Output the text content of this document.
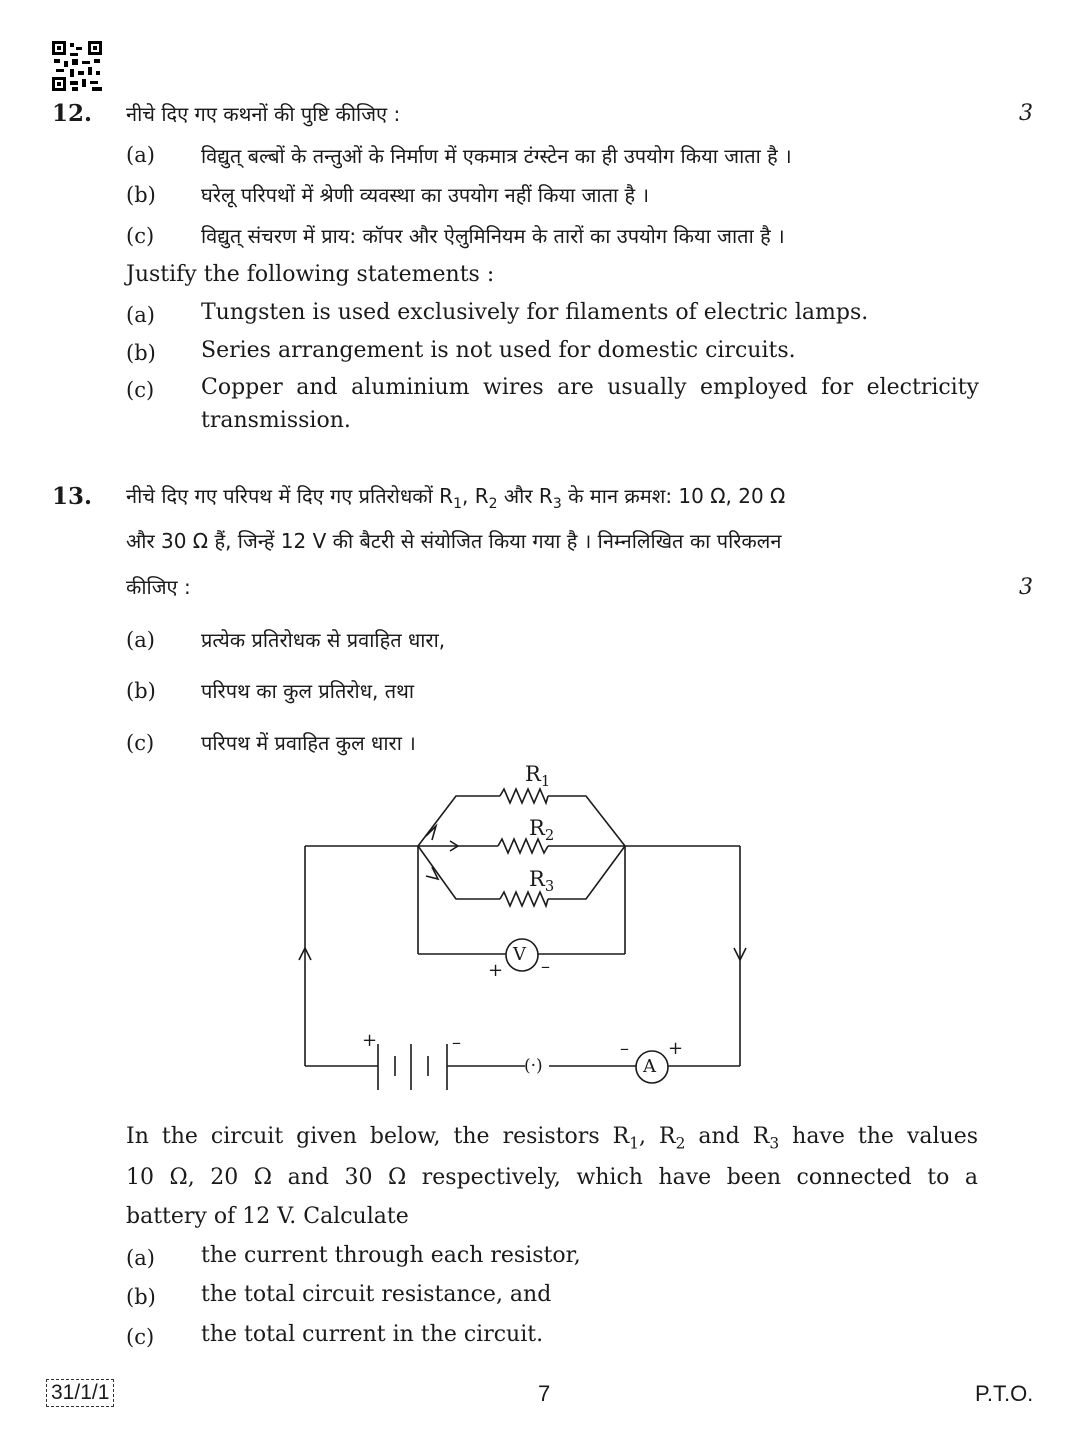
12. नीचे दिए गए कथनों की पुष्टि कीजिए :	3
(a) विद्युत् बल्बों के तन्तुओं के निर्माण में एकमात्र टंग्स्टेन का ही उपयोग किया जाता है ।
(b) घरेलू परिपथों में श्रेणी व्यवस्था का उपयोग नहीं किया जाता है ।
(c) विद्युत् संचरण में प्राय: कॉपर और ऐलुमिनियम के तारों का उपयोग किया जाता है ।
Justify the following statements :
(a) Tungsten is used exclusively for filaments of electric lamps.
(b) Series arrangement is not used for domestic circuits.
(c) Copper and aluminium wires are usually employed for electricity
transmission.
13. नीचे दिए गए परिपथ में दिए गए प्रतिरोधकों $R_1$, $R_2$ और $R_3$ के मान क्रमश: 10 Ω, 20 Ω
और 30 Ω हैं, जिन्हें 12 V की बैटरी से संयोजित किया गया है । निम्नलिखित का परिकलन
कीजिए :	3
(a) प्रत्येक प्रतिरोधक से प्रवाहित धारा,
(b) परिपथ का कुल प्रतिरोध, तथा
(c) परिपथ में प्रवाहित कुल धारा ।
$R_1$
$R_2$
$R_3$
V
+ –
+	–
(·)	A
– +
In the circuit given below, the resistors $R_1$, $R_2$ and $R_3$ have the values
10 Ω, 20 Ω and 30 Ω respectively, which have been connected to a
battery of 12 V. Calculate
(a) the current through each resistor,
(b) the total circuit resistance, and
(c) the total current in the circuit.
31/1/1	7	P.T.O.
